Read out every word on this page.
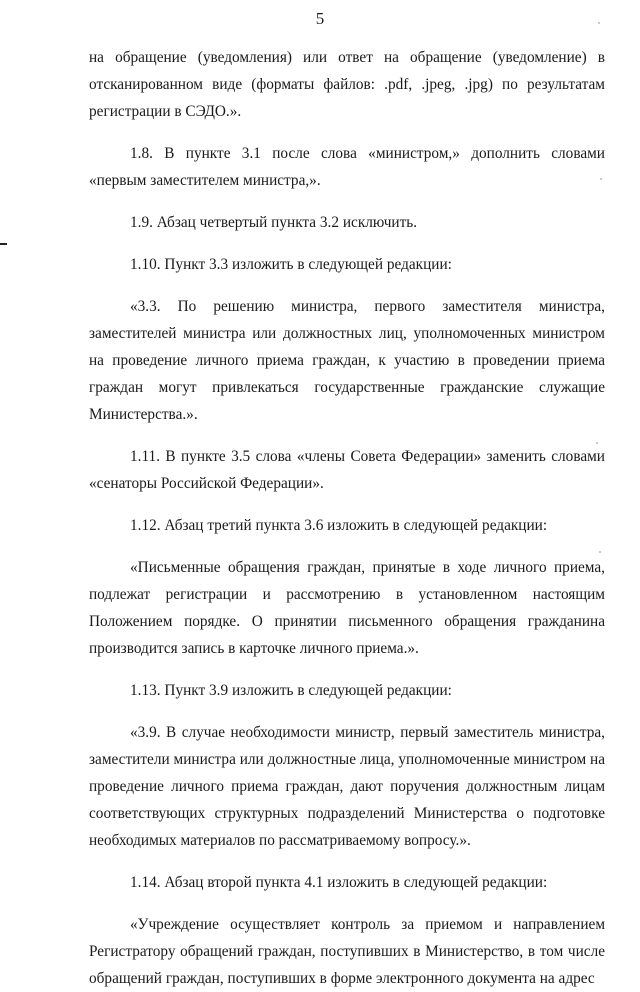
5

на обращение (уведомления) или ответ на обращение (уведомление) в отсканированном виде (форматы файлов: .pdf, .jpeg, .jpg) по результатам регистрации в СЭДО.».

1.8. В пункте 3.1 после слова «министром,» дополнить словами «первым заместителем министра,».

1.9. Абзац четвертый пункта 3.2 исключить.

1.10. Пункт 3.3 изложить в следующей редакции:

«3.3. По решению министра, первого заместителя министра, заместителей министра или должностных лиц, уполномоченных министром на проведение личного приема граждан, к участию в проведении приема граждан могут привлекаться государственные гражданские служащие Министерства.».

1.11. В пункте 3.5 слова «члены Совета Федерации» заменить словами «сенаторы Российской Федерации».

1.12. Абзац третий пункта 3.6 изложить в следующей редакции:

«Письменные обращения граждан, принятые в ходе личного приема, подлежат регистрации и рассмотрению в установленном настоящим Положением порядке. О принятии письменного обращения гражданина производится запись в карточке личного приема.».

1.13. Пункт 3.9 изложить в следующей редакции:

«3.9. В случае необходимости министр, первый заместитель министра, заместители министра или должностные лица, уполномоченные министром на проведение личного приема граждан, дают поручения должностным лицам соответствующих структурных подразделений Министерства о подготовке необходимых материалов по рассматриваемому вопросу.».

1.14. Абзац второй пункта 4.1 изложить в следующей редакции:

«Учреждение осуществляет контроль за приемом и направлением Регистратору обращений граждан, поступивших в Министерство, в том числе обращений граждан, поступивших в форме электронного документа на адрес
